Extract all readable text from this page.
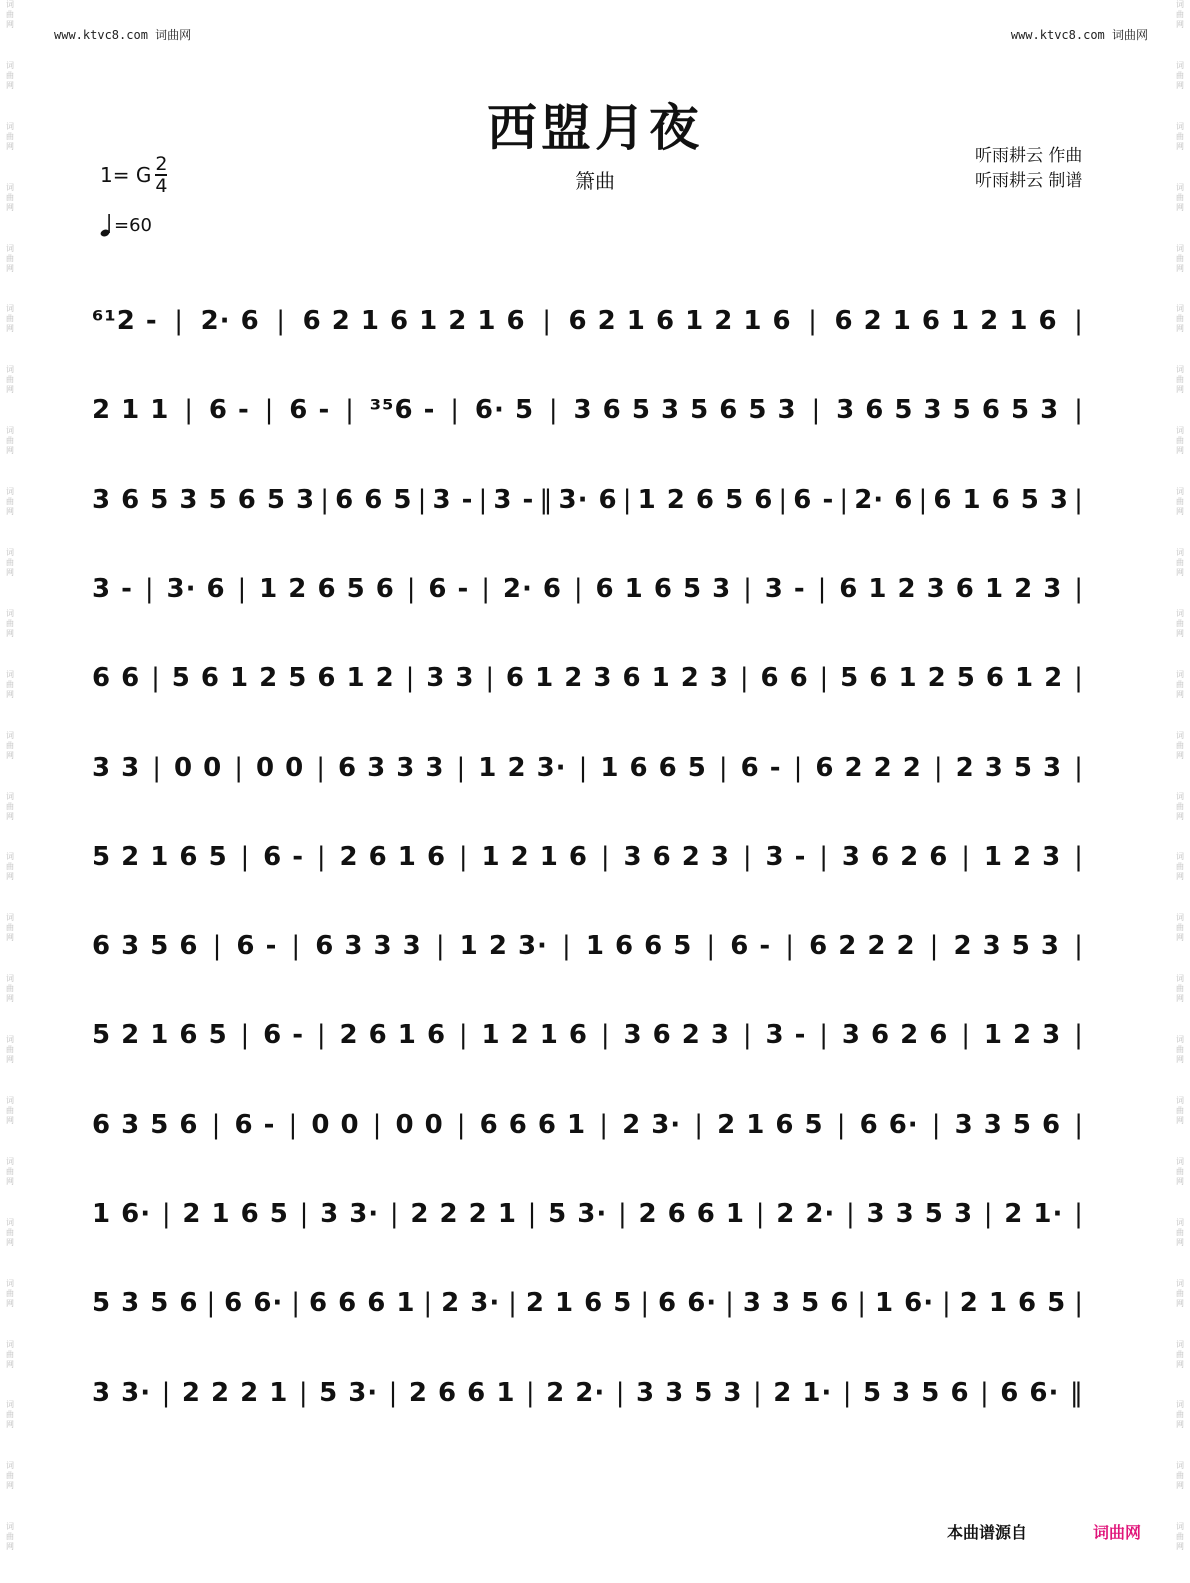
词
曲
网
词
曲
网
词
曲
网
词
曲
网
词
曲
网
词
曲
网
词
曲
网
词
曲
网
词
曲
网
词
曲
网
词
曲
网
词
曲
网
词
曲
网
词
曲
网
词
曲
网
词
曲
网
词
曲
网
词
曲
网
词
曲
网
词
曲
网
词
曲
网
词
曲
网
词
曲
网
词
曲
网
词
曲
网
词
曲
网
词
曲
网
词
曲
网
词
曲
网
词
曲
网
词
曲
网
词
曲
网
词
曲
网
词
曲
网
词
曲
网
词
曲
网
词
曲
网
词
曲
网
词
曲
网
词
曲
网
词
曲
网
词
曲
网
词
曲
网
词
曲
网
词
曲
网
词
曲
网
词
曲
网
词
曲
网
词
曲
网
词
曲
网
词
曲
网
词
曲
网
www.ktvc8.com 词曲网	www.ktvc8.com 词曲网
西盟月夜
箫曲
听雨耕云 作曲
听雨耕云 制谱
1= G $\frac{2}{4}$
=60
⁶¹2 - | 2· 6 | 6 2 1 6 1 2 1 6 | 6 2 1 6 1 2 1 6 | 6 2 1 6 1 2 1 6 |
2 1 1 | 6 - | 6 - | ³⁵6 - | 6· 5 | 3 6 5 3 5 6 5 3 | 3 6 5 3 5 6 5 3 |
3 6 5 3 5 6 5 3 | 6 6 5 | 3 - | 3 - ‖ 3· 6 | 1 2 6 5 6 | 6 - | 2· 6 | 6 1 6 5 3 |
3 - | 3· 6 | 1 2 6 5 6 | 6 - | 2· 6 | 6 1 6 5 3 | 3 - | 6 1 2 3 6 1 2 3 |
6 6 | 5 6 1 2 5 6 1 2 | 3 3 | 6 1 2 3 6 1 2 3 | 6 6 | 5 6 1 2 5 6 1 2 |
3 3 | 0 0 | 0 0 | 6 3 3 3 | 1 2 3· | 1 6 6 5 | 6 - | 6 2 2 2 | 2 3 5 3 |
5 2 1 6 5 | 6 - | 2 6 1 6 | 1 2 1 6 | 3 6 2 3 | 3 - | 3 6 2 6 | 1 2 3 |
6 3 5 6 | 6 - | 6 3 3 3 | 1 2 3· | 1 6 6 5 | 6 - | 6 2 2 2 | 2 3 5 3 |
5 2 1 6 5 | 6 - | 2 6 1 6 | 1 2 1 6 | 3 6 2 3 | 3 - | 3 6 2 6 | 1 2 3 |
6 3 5 6 | 6 - | 0 0 | 0 0 | 6 6 6 1 | 2 3· | 2 1 6 5 | 6 6· | 3 3 5 6 |
1 6· | 2 1 6 5 | 3 3· | 2 2 2 1 | 5 3· | 2 6 6 1 | 2 2· | 3 3 5 3 | 2 1· |
5 3 5 6 | 6 6· | 6 6 6 1 | 2 3· | 2 1 6 5 | 6 6· | 3 3 5 6 | 1 6· | 2 1 6 5 |
3 3· | 2 2 2 1 | 5 3· | 2 6 6 1 | 2 2· | 3 3 5 3 | 2 1· | 5 3 5 6 | 6 6· ‖
本曲谱源自	词曲网
